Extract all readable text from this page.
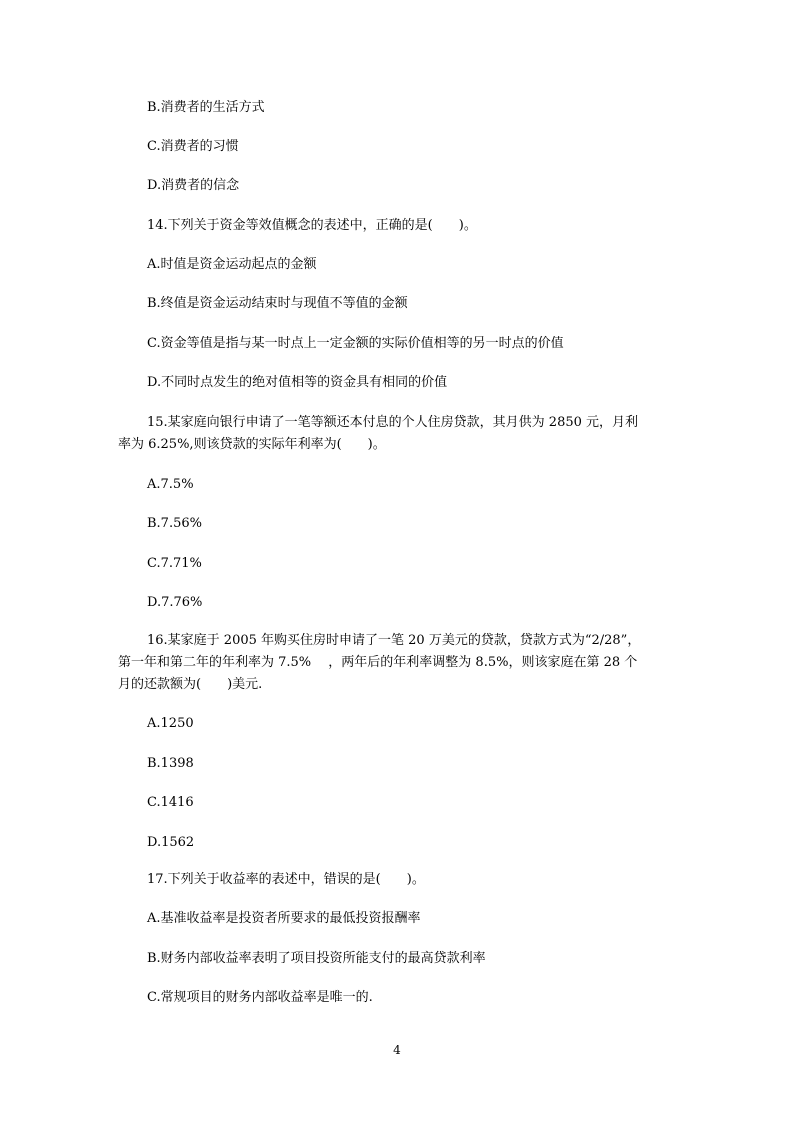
B.消费者的生活方式
C.消费者的习惯
D.消费者的信念
14.下列关于资金等效值概念的表述中，正确的是(　　)。
A.时值是资金运动起点的金额
B.终值是资金运动结束时与现值不等值的金额
C.资金等值是指与某一时点上一定金额的实际价值相等的另一时点的价值
D.不同时点发生的绝对值相等的资金具有相同的价值
15.某家庭向银行申请了一笔等额还本付息的个人住房贷款，其月供为 2850 元，月利
率为 6.25%,则该贷款的实际年利率为(　　)。
A.7.5%
B.7.56%
C.7.71%
D.7.76%
16.某家庭于 2005 年购买住房时申请了一笔 20 万美元的贷款，贷款方式为“2/28”，
第一年和第二年的年利率为 7.5%　 ，两年后的年利率调整为 8.5%，则该家庭在第 28 个
月的还款额为(　　)美元.
A.1250
B.1398
C.1416
D.1562
17.下列关于收益率的表述中，错误的是(　　)。
A.基准收益率是投资者所要求的最低投资报酬率
B.财务内部收益率表明了项目投资所能支付的最高贷款利率
C.常规项目的财务内部收益率是唯一的.
4
